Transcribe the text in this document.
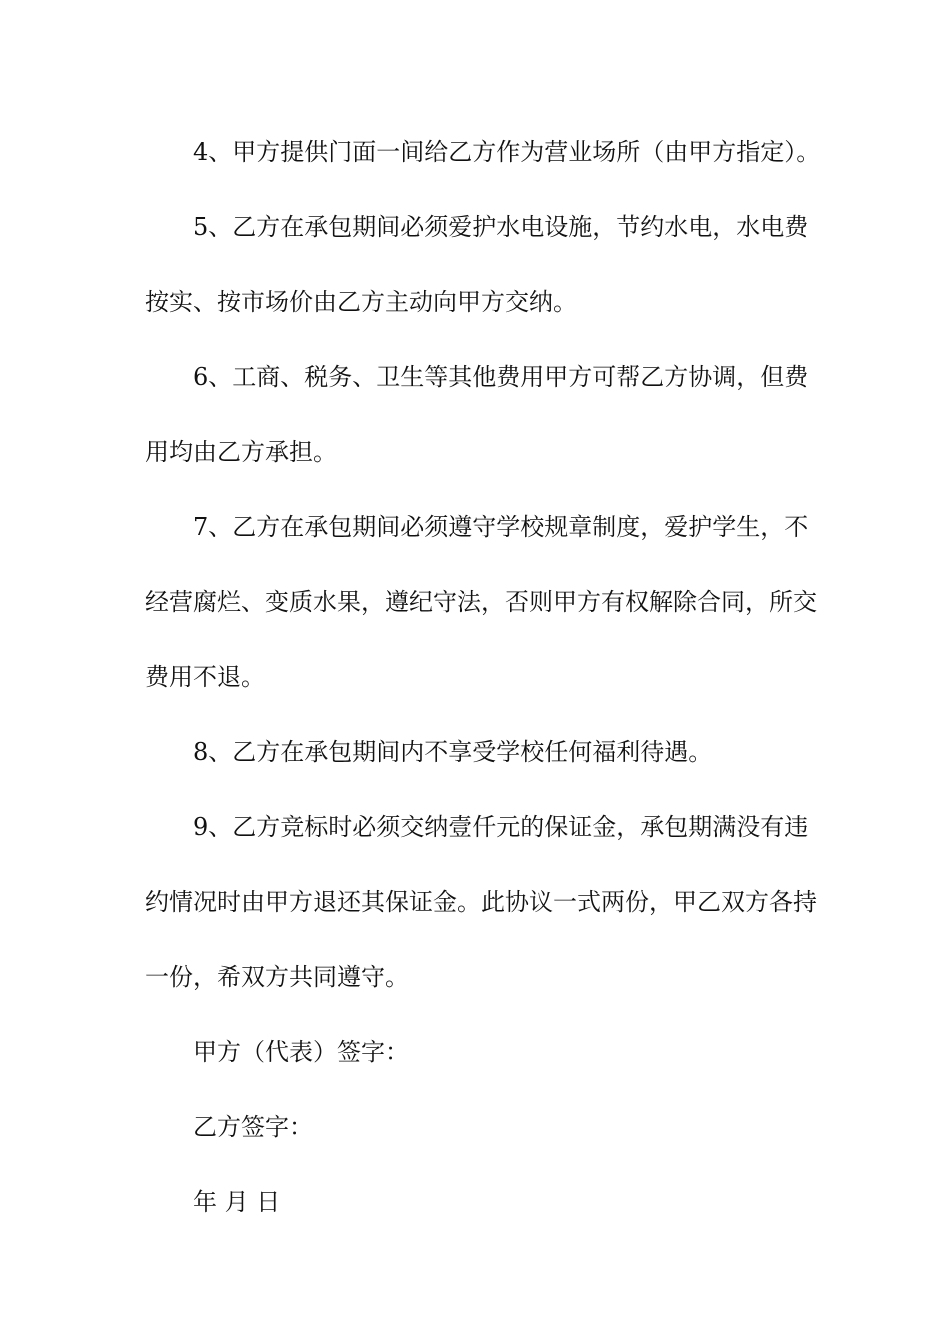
4、甲方提供门面一间给乙方作为营业场所（由甲方指定）。

5、乙方在承包期间必须爱护水电设施，节约水电，水电费按实、按市场价由乙方主动向甲方交纳。

6、工商、税务、卫生等其他费用甲方可帮乙方协调，但费用均由乙方承担。

7、乙方在承包期间必须遵守学校规章制度，爱护学生，不经营腐烂、变质水果，遵纪守法，否则甲方有权解除合同，所交费用不退。

8、乙方在承包期间内不享受学校任何福利待遇。

9、乙方竞标时必须交纳壹仟元的保证金，承包期满没有违约情况时由甲方退还其保证金。此协议一式两份，甲乙双方各持一份，希双方共同遵守。

甲方（代表）签字：

乙方签字：

年 月 日
